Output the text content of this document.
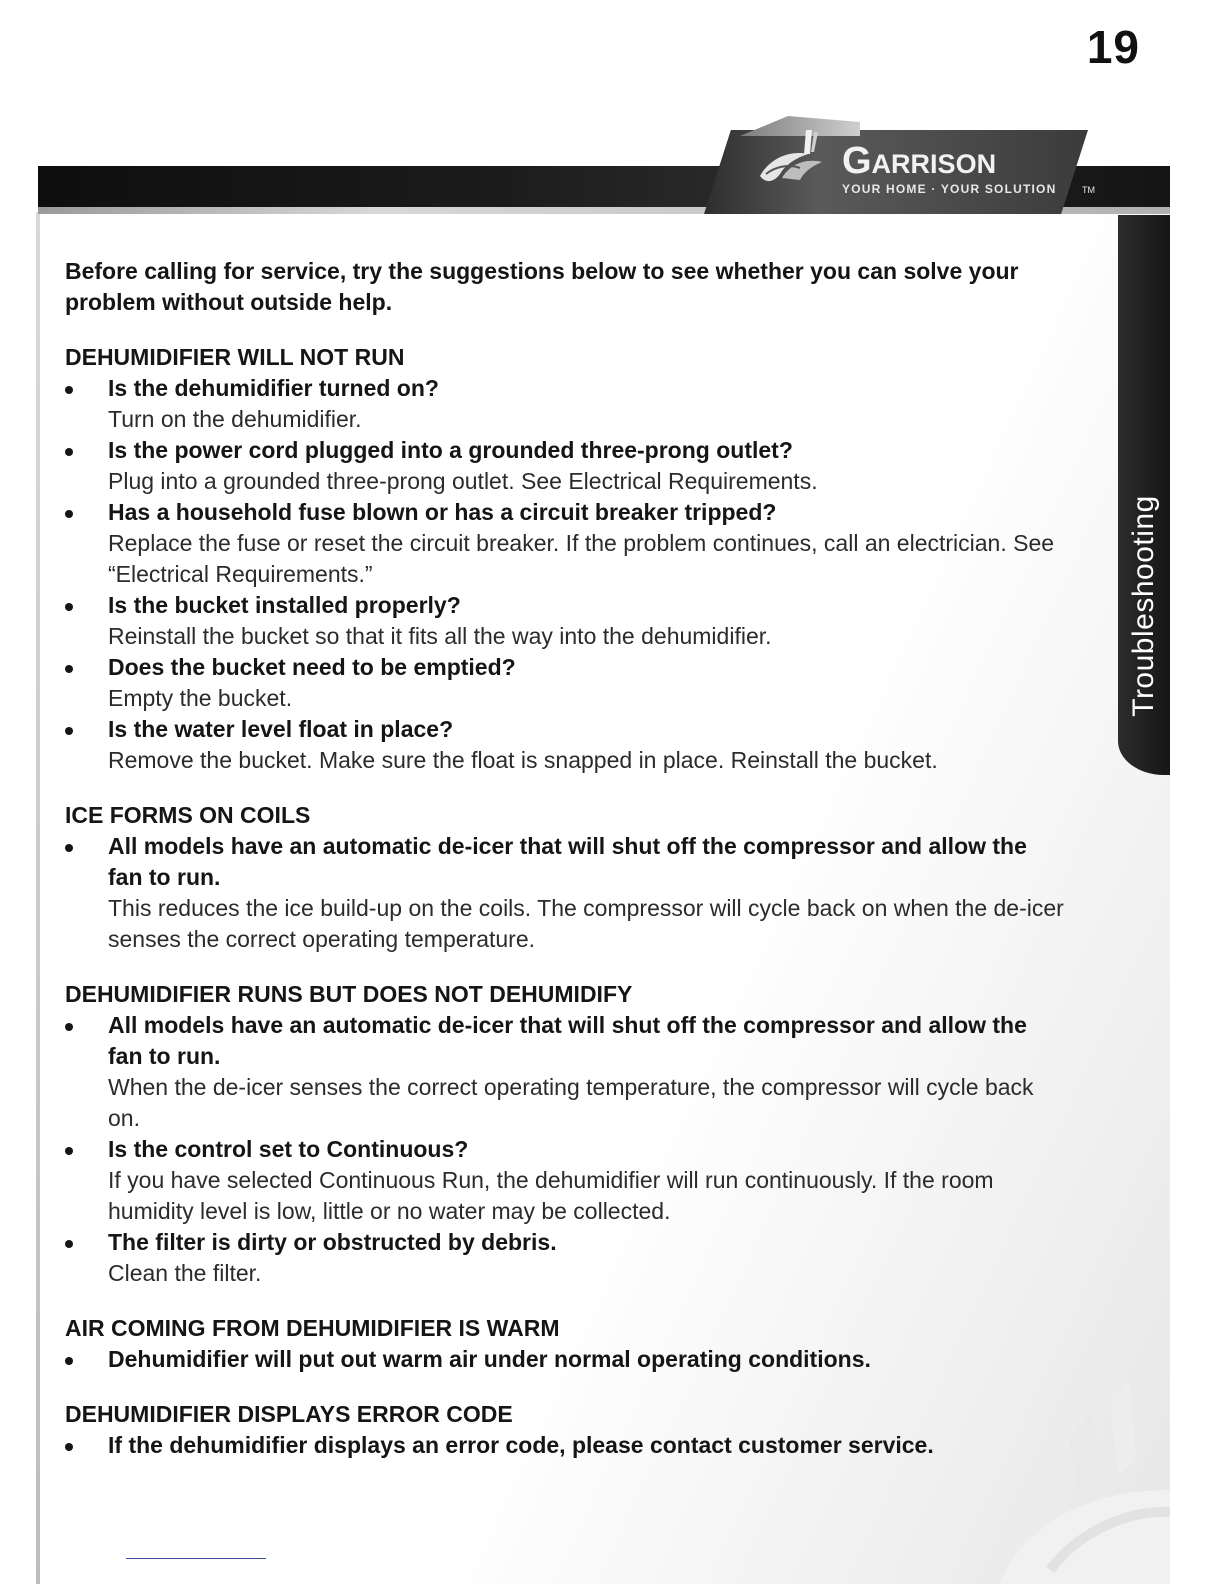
19
Garrison
YOUR HOME · YOUR SOLUTION	TM
Troubleshooting

Before calling for service, try the suggestions below to see whether you can solve your problem without outside help.

DEHUMIDIFIER WILL NOT RUN

Is the dehumidifier turned on?
Turn on the dehumidifier.
Is the power cord plugged into a grounded three-prong outlet?
Plug into a grounded three-prong outlet. See Electrical Requirements.
Has a household fuse blown or has a circuit breaker tripped?
Replace the fuse or reset the circuit breaker. If the problem continues, call an electrician. See “Electrical Requirements.”
Is the bucket installed properly?
Reinstall the bucket so that it fits all the way into the dehumidifier.
Does the bucket need to be emptied?
Empty the bucket.
Is the water level float in place?
Remove the bucket. Make sure the float is snapped in place. Reinstall the bucket.

ICE FORMS ON COILS

All models have an automatic de-icer that will shut off the compressor and allow the fan to run.
This reduces the ice build-up on the coils. The compressor will cycle back on when the de-icer senses the correct operating temperature.

DEHUMIDIFIER RUNS BUT DOES NOT DEHUMIDIFY

All models have an automatic de-icer that will shut off the compressor and allow the fan to run.
When the de-icer senses the correct operating temperature, the compressor will cycle back on.
Is the control set to Continuous?
If you have selected Continuous Run, the dehumidifier will run continuously. If the room humidity level is low, little or no water may be collected.
The filter is dirty or obstructed by debris.
Clean the filter.

AIR COMING FROM DEHUMIDIFIER IS WARM

Dehumidifier will put out warm air under normal operating conditions.

DEHUMIDIFIER DISPLAYS ERROR CODE

If the dehumidifier displays an error code, please contact customer service.
